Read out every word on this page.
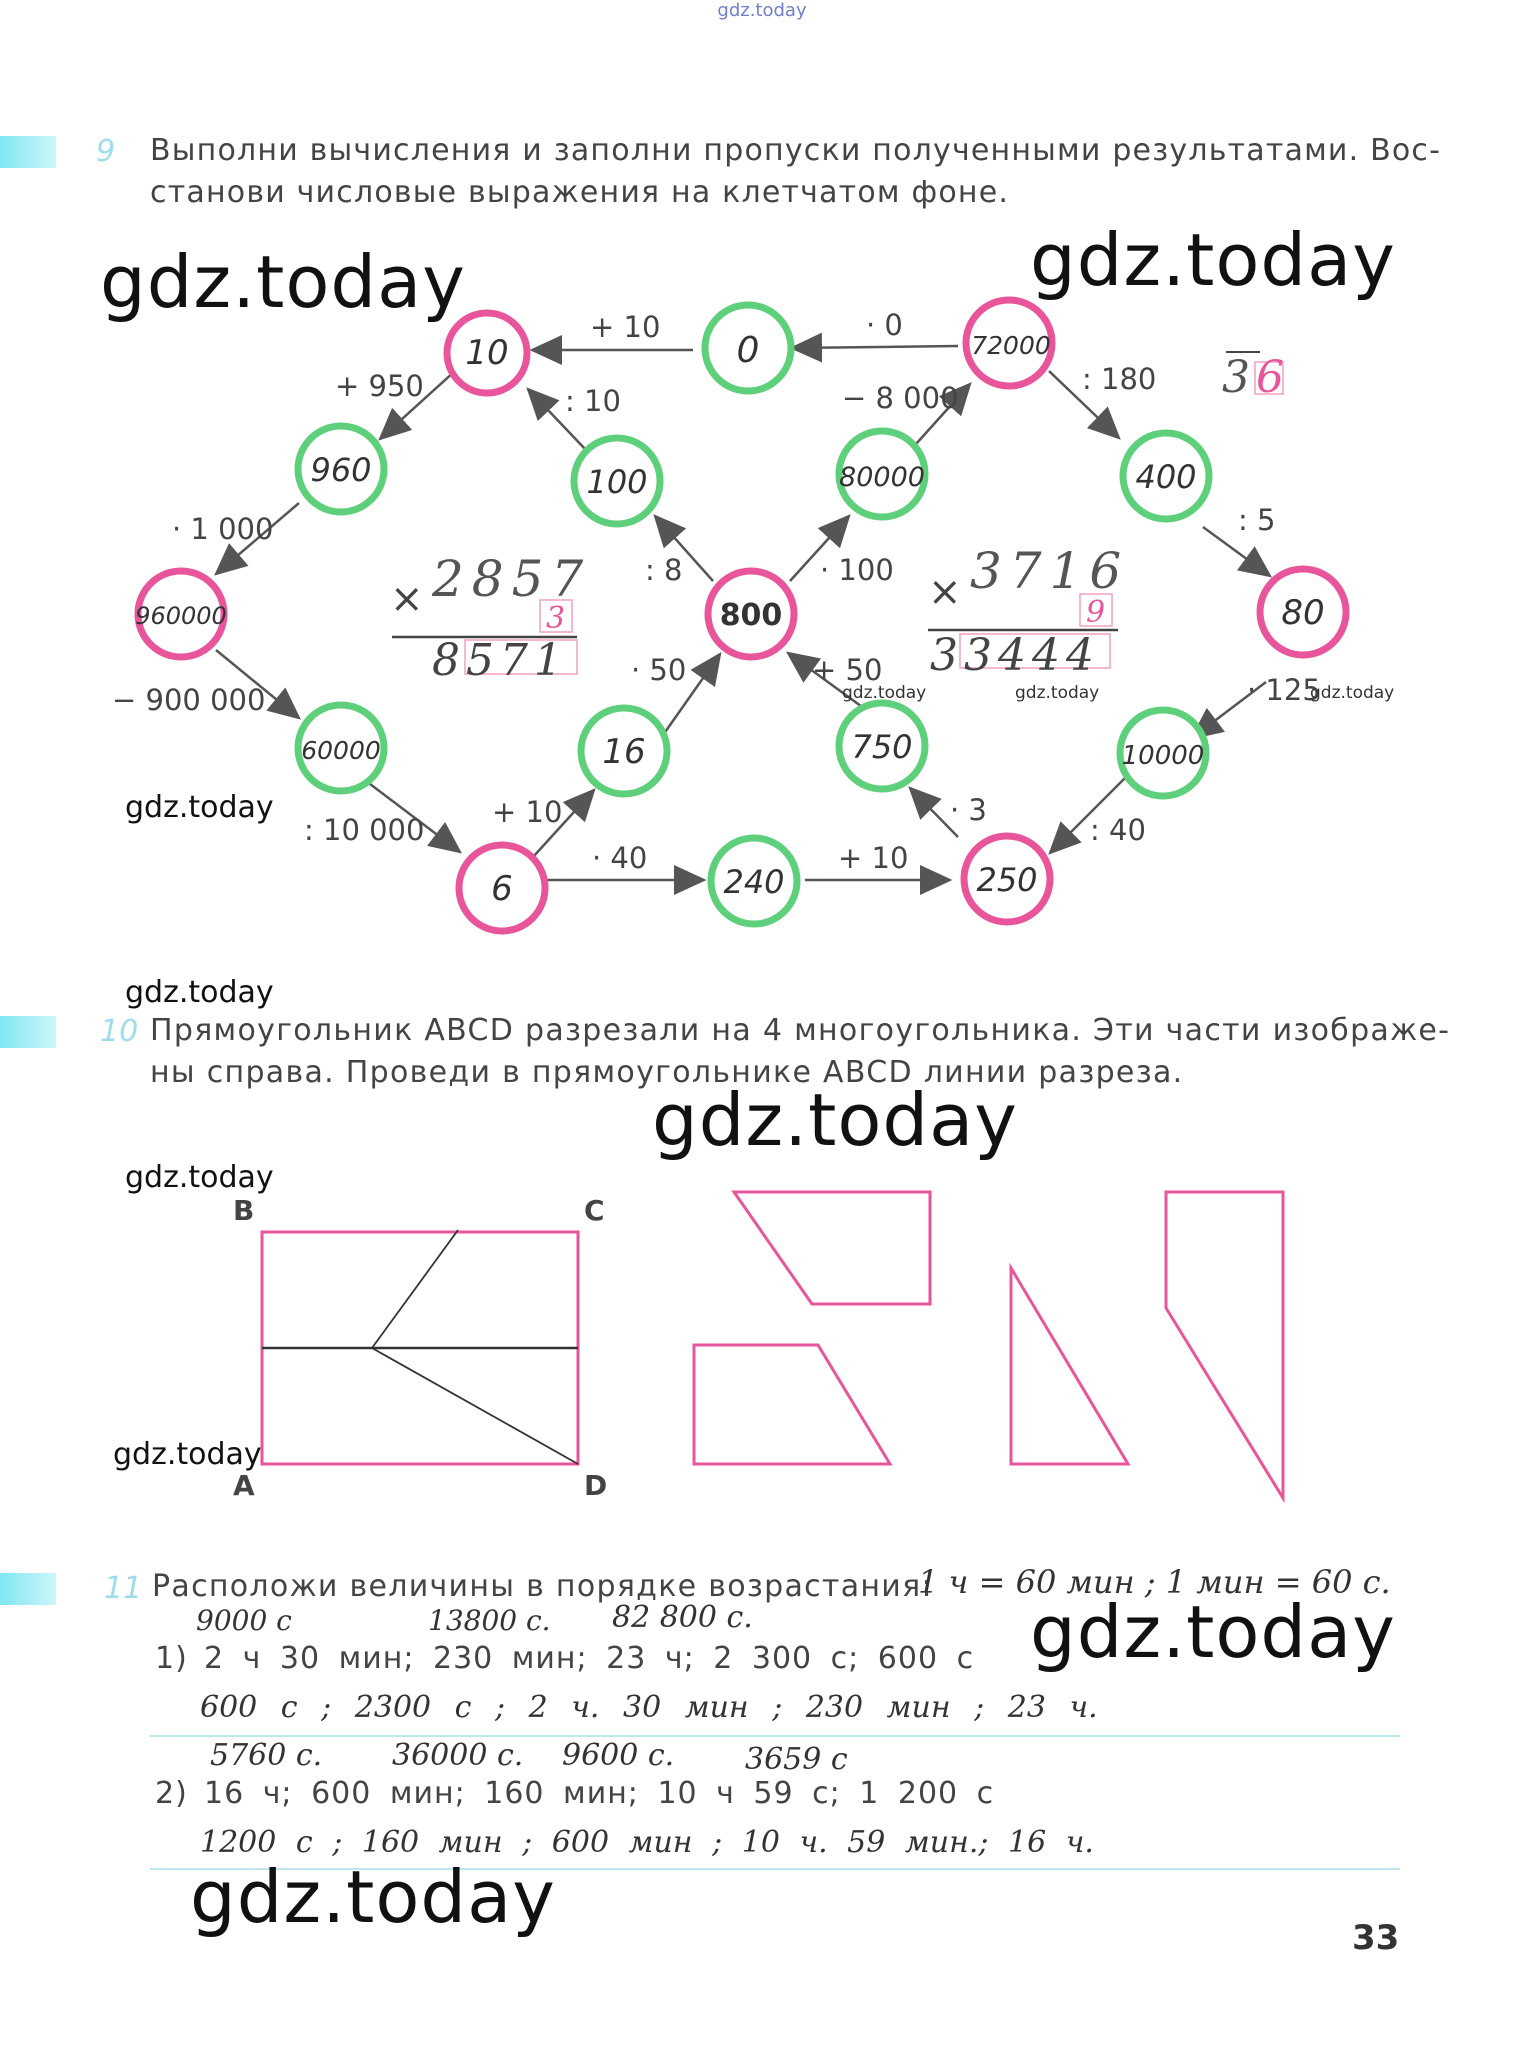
gdz.today
9 Выполни вычисления и заполни пропуски полученными результатами. Вос-
станови числовые выражения на клетчатом фоне.
gdz.today	gdz.today
10	0	72000
960	100	80000	400
960000	800	80
60000	16	750	10000
6	240	250
+ 10	· 0
+ 950	: 10	− 8 000
: 180
· 1 000
: 8	· 100
: 5
− 900 000
· 50	+ 50
· 125
: 10 000
+ 10	· 3
: 40
· 40	+ 10
× 2857
3
8571
× 3716
9
33444
3 6
gdz.today	gdz.today	gdz.today
gdz.today
gdz.today
10 Прямоугольник ABCD разрезали на 4 многоугольника. Эти части изображе-
ны справа. Проведи в прямоугольнике ABCD линии разреза.
gdz.today
gdz.today
gdz.today
B	C
A	D
11 Расположи величины в порядке возрастания:
1 ч = 60 мин ; 1 мин = 60 с.
9000 с	13800 с. 82 800 с.	gdz.today
1) 2 ч 30 мин; 230 мин; 23 ч; 2 300 с; 600 с
600 с ; 2300 с ; 2 ч. 30 мин ; 230 мин ; 23 ч.
5760 с. 36000 с. 9600 с. 3659 с
2) 16 ч; 600 мин; 160 мин; 10 ч 59 с; 1 200 с
1200 с ; 160 мин ; 600 мин ; 10 ч. 59 мин.; 16 ч.
gdz.today	33
